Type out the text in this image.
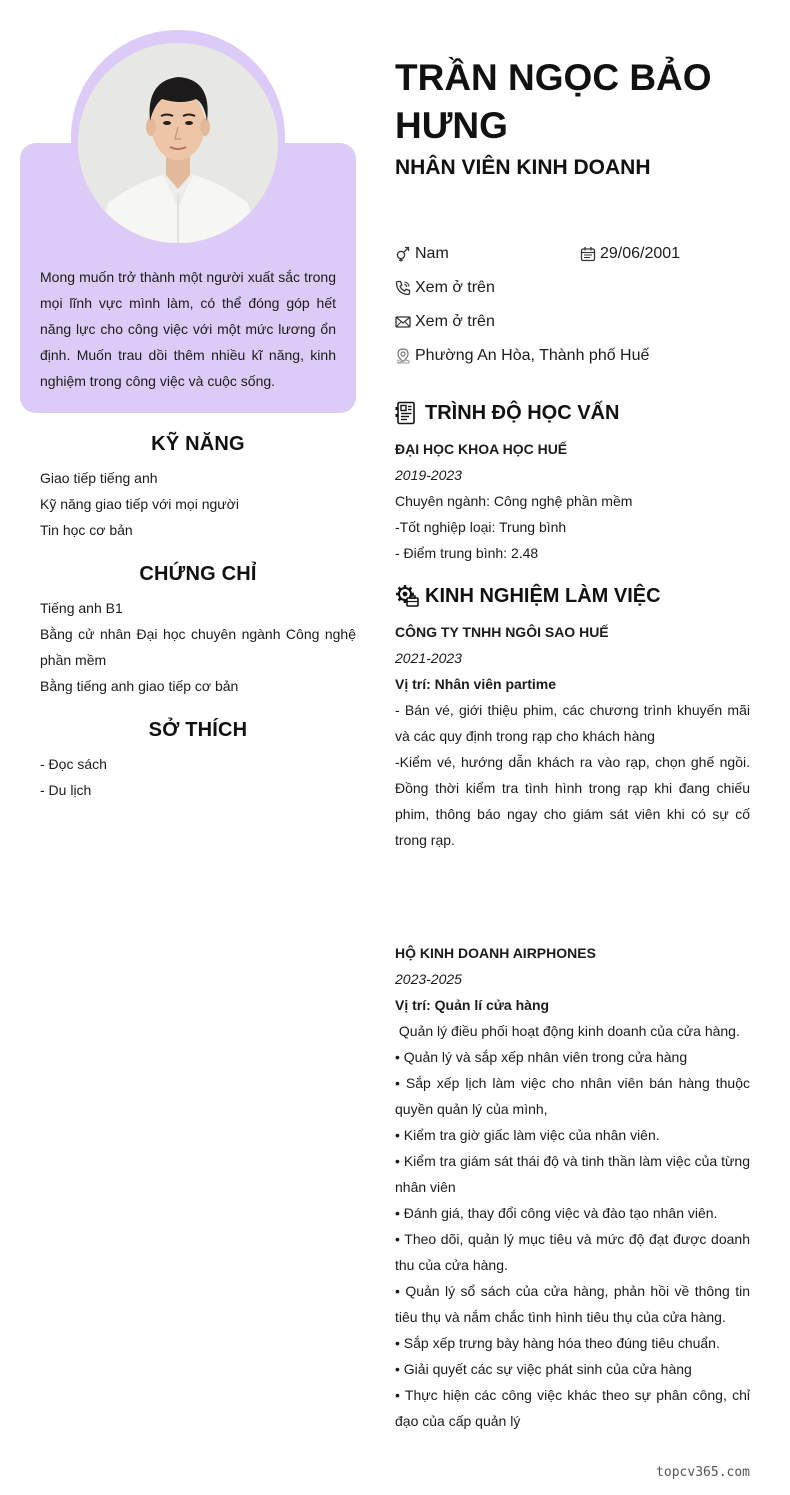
Mong muốn trở thành một người xuất sắc trong mọi lĩnh vực mình làm, có thể đóng góp hết năng lực cho công việc với một mức lương ổn định. Muốn trau dồi thêm nhiều kĩ năng, kinh nghiệm trong công việc và cuộc sống.
KỸ NĂNG
Giao tiếp tiếng anh
Kỹ năng giao tiếp với mọi người
Tin học cơ bản
CHỨNG CHỈ
Tiếng anh B1
Bằng cử nhân Đại học chuyên ngành Công nghệ phần mềm
Bằng tiếng anh giao tiếp cơ bản
SỞ THÍCH
- Đọc sách
- Du lịch
TRẦN NGỌC BẢO HƯNG
NHÂN VIÊN KINH DOANH
Nam	29/06/2001
Xem ở trên
Xem ở trên
Phường An Hòa, Thành phố Huế
TRÌNH ĐỘ HỌC VẤN
ĐẠI HỌC KHOA HỌC HUẾ
2019-2023
Chuyên ngành: Công nghệ phần mềm
-Tốt nghiệp loại: Trung bình
- Điểm trung bình: 2.48
KINH NGHIỆM LÀM VIỆC
CÔNG TY TNHH NGÔI SAO HUẾ
2021-2023
Vị trí: Nhân viên partime
- Bán vé, giới thiệu phim, các chương trình khuyến mãi và các quy định trong rạp cho khách hàng
-Kiểm vé, hướng dẫn khách ra vào rạp, chọn ghế ngồi. Đồng thời kiểm tra tình hình trong rạp khi đang chiếu phim, thông báo ngay cho giám sát viên khi có sự cố trong rạp.
HỘ KINH DOANH AIRPHONES
2023-2025
Vị trí: Quản lí cửa hàng
Quản lý điều phối hoạt động kinh doanh của cửa hàng.
• Quản lý và sắp xếp nhân viên trong cửa hàng
• Sắp xếp lịch làm việc cho nhân viên bán hàng thuộc quyền quản lý của mình,
• Kiểm tra giờ giấc làm việc của nhân viên.
• Kiểm tra giám sát thái độ và tinh thần làm việc của từng nhân viên
• Đánh giá, thay đổi công việc và đào tạo nhân viên.
• Theo dõi, quản lý mục tiêu và mức độ đạt được doanh thu của cửa hàng.
• Quản lý sổ sách của cửa hàng, phản hồi về thông tin tiêu thụ và nắm chắc tình hình tiêu thụ của cửa hàng.
• Sắp xếp trưng bày hàng hóa theo đúng tiêu chuẩn.
• Giải quyết các sự việc phát sinh của cửa hàng
• Thực hiện các công việc khác theo sự phân công, chỉ đạo của cấp quản lý
topcv365.com
